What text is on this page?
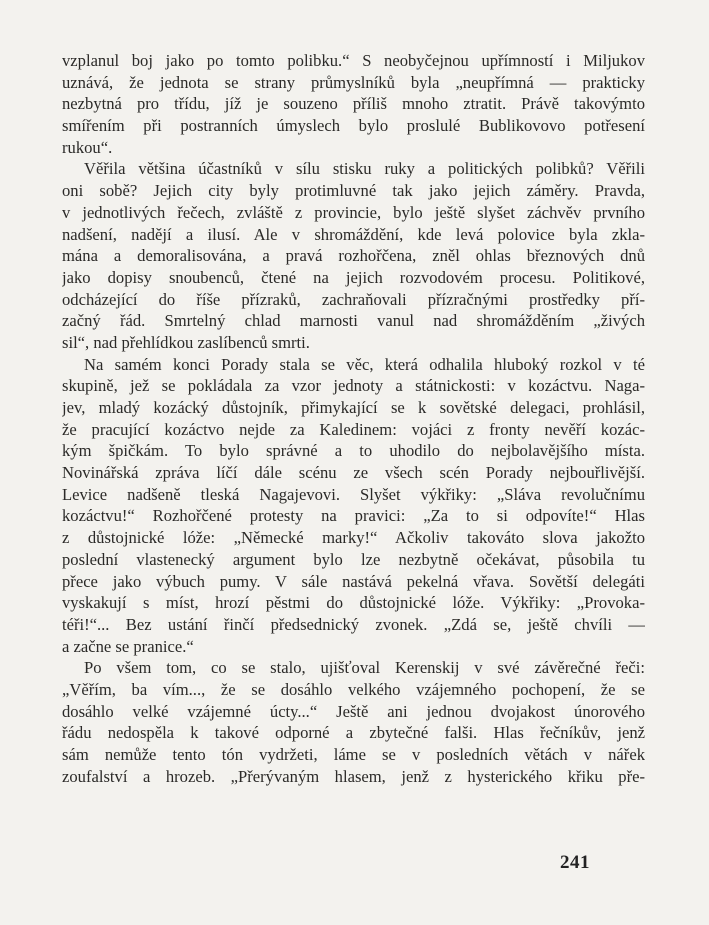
vzplanul boj jako po tomto polibku.“ S neobyčejnou upřímností i Miljukov
uznává, že jednota se strany průmyslníků byla „neupřímná — prakticky
nezbytná pro třídu, jíž je souzeno příliš mnoho ztratit. Právě takovýmto
smířením při postranních úmyslech bylo proslulé Bublikovovo potřesení
rukou“.
Věřila většina účastníků v sílu stisku ruky a politických polibků? Věřili
oni sobě? Jejich city byly protimluvné tak jako jejich záměry. Pravda,
v jednotlivých řečech, zvláště z provincie, bylo ještě slyšet záchvěv prvního
nadšení, nadějí a ilusí. Ale v shromáždění, kde levá polovice byla zkla-
mána a demoralisována, a pravá rozhořčena, zněl ohlas březnových dnů
jako dopisy snoubenců, čtené na jejich rozvodovém procesu. Politikové,
odcházející do říše přízraků, zachraňovali přízračnými prostředky pří-
začný řád. Smrtelný chlad marnosti vanul nad shromážděním „živých
sil“, nad přehlídkou zaslíbenců smrti.
Na samém konci Porady stala se věc, která odhalila hluboký rozkol v té
skupině, jež se pokládala za vzor jednoty a státnickosti: v kozáctvu. Naga-
jev, mladý kozácký důstojník, přimykající se k sovětské delegaci, prohlásil,
že pracující kozáctvo nejde za Kaledinem: vojáci z fronty nevěří kozác-
kým špičkám. To bylo správné a to uhodilo do nejbolavějšího místa.
Novinářská zpráva líčí dále scénu ze všech scén Porady nejbouřlivější.
Levice nadšeně tleská Nagajevovi. Slyšet výkřiky: „Sláva revolučnímu
kozáctvu!“ Rozhořčené protesty na pravici: „Za to si odpovíte!“ Hlas
z důstojnické lóže: „Německé marky!“ Ačkoliv takováto slova jakožto
poslední vlastenecký argument bylo lze nezbytně očekávat, působila tu
přece jako výbuch pumy. V sále nastává pekelná vřava. Sovětší delegáti
vyskakují s míst, hrozí pěstmi do důstojnické lóže. Výkřiky: „Provoka-
téři!“... Bez ustání řinčí předsednický zvonek. „Zdá se, ještě chvíli —
a začne se pranice.“
Po všem tom, co se stalo, ujišťoval Kerenskij v své závěrečné řeči:
„Věřím, ba vím..., že se dosáhlo velkého vzájemného pochopení, že se
dosáhlo velké vzájemné úcty...“ Ještě ani jednou dvojakost únorového
řádu nedospěla k takové odporné a zbytečné falši. Hlas řečníkův, jenž
sám nemůže tento tón vydržeti, láme se v posledních větách v nářek
zoufalství a hrozeb. „Přerývaným hlasem, jenž z hysterického křiku pře-
241
